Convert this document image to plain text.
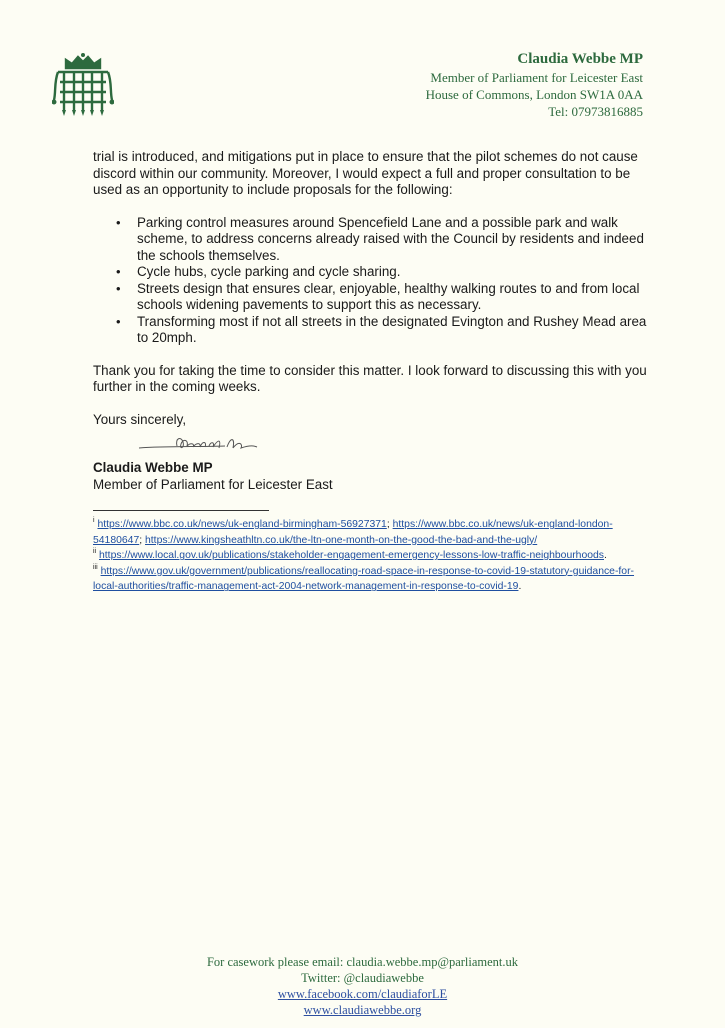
Claudia Webbe MP
Member of Parliament for Leicester East
House of Commons, London SW1A 0AA
Tel: 07973816885

trial is introduced, and mitigations put in place to ensure that the pilot schemes do not cause discord within our community. Moreover, I would expect a full and proper consultation to be used as an opportunity to include proposals for the following:

• Parking control measures around Spencefield Lane and a possible park and walk scheme, to address concerns already raised with the Council by residents and indeed the schools themselves.
• Cycle hubs, cycle parking and cycle sharing.
• Streets design that ensures clear, enjoyable, healthy walking routes to and from local schools widening pavements to support this as necessary.
• Transforming most if not all streets in the designated Evington and Rushey Mead area to 20mph.

Thank you for taking the time to consider this matter. I look forward to discussing this with you further in the coming weeks.

Yours sincerely,

Claudia Webbe MP
Member of Parliament for Leicester East
$^i$ https://www.bbc.co.uk/news/uk-england-birmingham-56927371; https://www.bbc.co.uk/news/uk-england-london-54180647; https://www.kingsheathltn.co.uk/the-ltn-one-month-on-the-good-the-bad-and-the-ugly/
$^{ii}$ https://www.local.gov.uk/publications/stakeholder-engagement-emergency-lessons-low-traffic-neighbourhoods.
$^{iii}$ https://www.gov.uk/government/publications/reallocating-road-space-in-response-to-covid-19-statutory-guidance-for-local-authorities/traffic-management-act-2004-network-management-in-response-to-covid-19.
For casework please email: claudia.webbe.mp@parliament.uk
Twitter: @claudiawebbe
www.facebook.com/claudiaforLE
www.claudiawebbe.org
